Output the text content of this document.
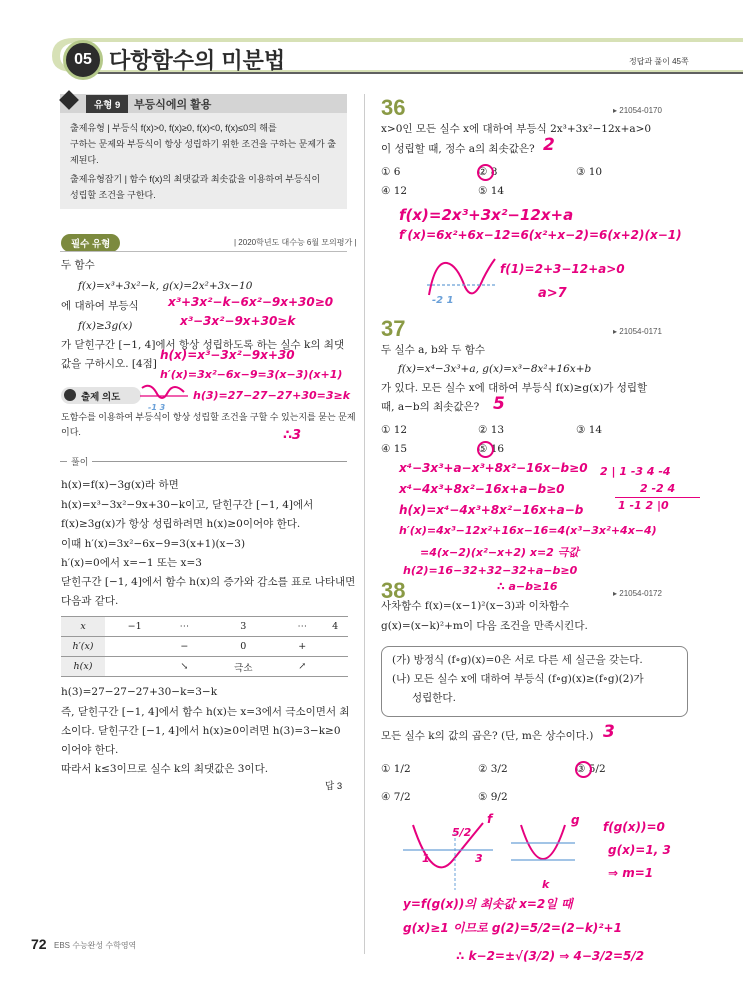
05 다항함수의 미분법	정답과 풀이 45쪽
유형 9	부등식에의 활용
출제유형 | 부등식 f(x)>0, f(x)≥0, f(x)<0, f(x)≤0의 해를
구하는 문제와 부등식이 항상 성립하기 위한 조건을 구하는 문제가 출
제된다.
출제유형잡기 | 함수 f(x)의 최댓값과 최솟값을 이용하여 부등식이
성립할 조건을 구한다.
필수 유형	| 2020학년도 대수능 6월 모의평가 |
두 함수
f(x)=x³+3x²−k, g(x)=2x²+3x−10
에 대하여 부등식
f(x)≥3g(x)
가 닫힌구간 [−1, 4]에서 항상 성립하도록 하는 실수 k의 최댓
값을 구하시오. [4점]
출제 의도
도함수를 이용하여 부등식이 항상 성립할 조건을 구할 수 있는지를 묻는 문제
이다.
풀이
h(x)=f(x)−3g(x)라 하면
h(x)=x³−3x²−9x+30−k이고, 닫힌구간 [−1, 4]에서
f(x)≥3g(x)가 항상 성립하려면 h(x)≥0이어야 한다.
이때 h′(x)=3x²−6x−9=3(x+1)(x−3)
h′(x)=0에서 x=−1 또는 x=3
닫힌구간 [−1, 4]에서 함수 h(x)의 증가와 감소를 표로 나타내면
다음과 같다.
x	−1	⋯	3	⋯	4
h′(x)		−	0	+	
h(x)		↘	극소	↗	
h(3)=27−27−27+30−k=3−k
즉, 닫힌구간 [−1, 4]에서 함수 h(x)는 x=3에서 극소이면서 최
소이다. 닫힌구간 [−1, 4]에서 h(x)≥0이려면 h(3)=3−k≥0
이어야 한다.
따라서 k≤3이므로 실수 k의 최댓값은 3이다.
답 3
36	▸ 21054-0170
x>0인 모든 실수 x에 대하여 부등식 2x³+3x²−12x+a>0
이 성립할 때, 정수 a의 최솟값은?
① 6	② 8	③ 10
④ 12	⑤ 14
37	▸ 21054-0171
두 실수 a, b와 두 함수
f(x)=x⁴−3x³+a, g(x)=x³−8x²+16x+b
가 있다. 모든 실수 x에 대하여 부등식 f(x)≥g(x)가 성립할
때, a−b의 최솟값은?
① 12	② 13	③ 14
④ 15	⑤ 16
38	▸ 21054-0172
사차함수 f(x)=(x−1)²(x−3)과 이차함수
g(x)=(x−k)²+m이 다음 조건을 만족시킨다.
(가) 방정식 (f∘g)(x)=0은 서로 다른 세 실근을 갖는다.
(나) 모든 실수 x에 대하여 부등식 (f∘g)(x)≥(f∘g)(2)가
성립한다.
모든 실수 k의 값의 곱은? (단, m은 상수이다.)
① 1/2	② 3/2	③ 5/2
④ 7/2	⑤ 9/2
72 EBS 수능완성 수학영역
x³+3x²−k−6x²−9x+30≥0
x³−3x²−9x+30≥k
h(x)=x³−3x²−9x+30
h′(x)=3x²−6x−9=3(x−3)(x+1)
h(3)=27−27−27+30=3≥k
∴3
-1 3
2
f(x)=2x³+3x²−12x+a
f′(x)=6x²+6x−12=6(x²+x−2)=6(x+2)(x−1)
-2 1
f(1)=2+3−12+a>0
a>7
5
x⁴−3x³+a−x³+8x²−16x−b≥0
x⁴−4x³+8x²−16x+a−b≥0
h(x)=x⁴−4x³+8x²−16x+a−b
h′(x)=4x³−12x²+16x−16=4(x³−3x²+4x−4)
=4(x−2)(x²−x+2) x=2 극값
h(2)=16−32+32−32+a−b≥0
∴ a−b≥16
2 | 1 -3 4 -4
2 -2 4
1 -1 2 |0
3
5/2
f	g
1	3
k
f(g(x))=0
g(x)=1, 3
⇒ m=1
y=f(g(x))의 최솟값 x=2일 때
g(x)≥1 이므로 g(2)=5/2=(2−k)²+1
∴ k−2=±√(3/2) ⇒ 4−3/2=5/2
